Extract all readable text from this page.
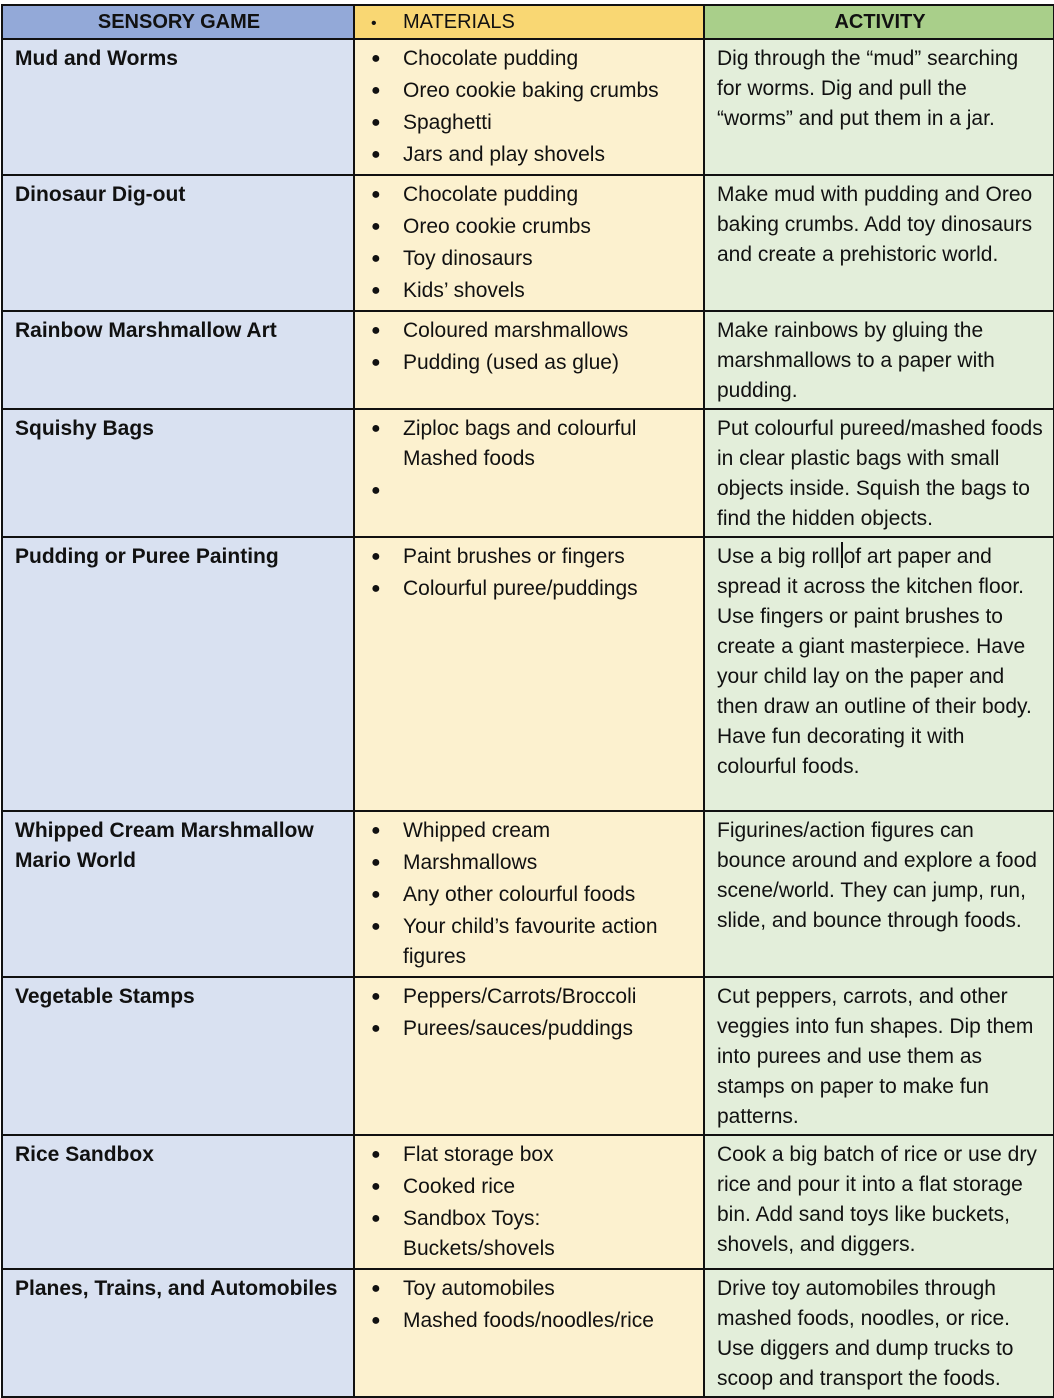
SENSORY GAME	• MATERIALS	ACTIVITY
Mud and Worms	● Chocolate pudding
● Oreo cookie baking crumbs
● Spaghetti
● Jars and play shovels
	Dig through the “mud” searching for worms. Dig and pull the “worms” and put them in a jar.
Dinosaur Dig-out	● Chocolate pudding
● Oreo cookie crumbs
● Toy dinosaurs
● Kids’ shovels
	Make mud with pudding and Oreo baking crumbs. Add toy dinosaurs and create a prehistoric world.
Rainbow Marshmallow Art	● Coloured marshmallows
● Pudding (used as glue)
	Make rainbows by gluing the marshmallows to a paper with pudding.
Squishy Bags	● Ziploc bags and colourful Mashed foods
●
	Put colourful pureed/mashed foods in clear plastic bags with small objects inside. Squish the bags to find the hidden objects.
Pudding or Puree Painting	● Paint brushes or fingers
● Colourful puree/puddings
	Use a big roll of art paper and spread it across the kitchen floor. Use fingers or paint brushes to create a giant masterpiece. Have your child lay on the paper and then draw an outline of their body. Have fun decorating it with colourful foods.
Whipped Cream Marshmallow Mario World	
● Whipped cream
● Marshmallows
● Any other colourful foods
● Your child’s favourite action figures
	Figurines/action figures can bounce around and explore a food scene/world. They can jump, run, slide, and bounce through foods.
Vegetable Stamps	● Peppers/Carrots/Broccoli
● Purees/sauces/puddings
	Cut peppers, carrots, and other veggies into fun shapes. Dip them into purees and use them as stamps on paper to make fun patterns.
Rice Sandbox	● Flat storage box
● Cooked rice
● Sandbox Toys: Buckets/shovels
	Cook a big batch of rice or use dry rice and pour it into a flat storage bin. Add sand toys like buckets, shovels, and diggers.
Planes, Trains, and Automobiles	● Toy automobiles
● Mashed foods/noodles/rice
	Drive toy automobiles through mashed foods, noodles, or rice. Use diggers and dump trucks to scoop and transport the foods.
